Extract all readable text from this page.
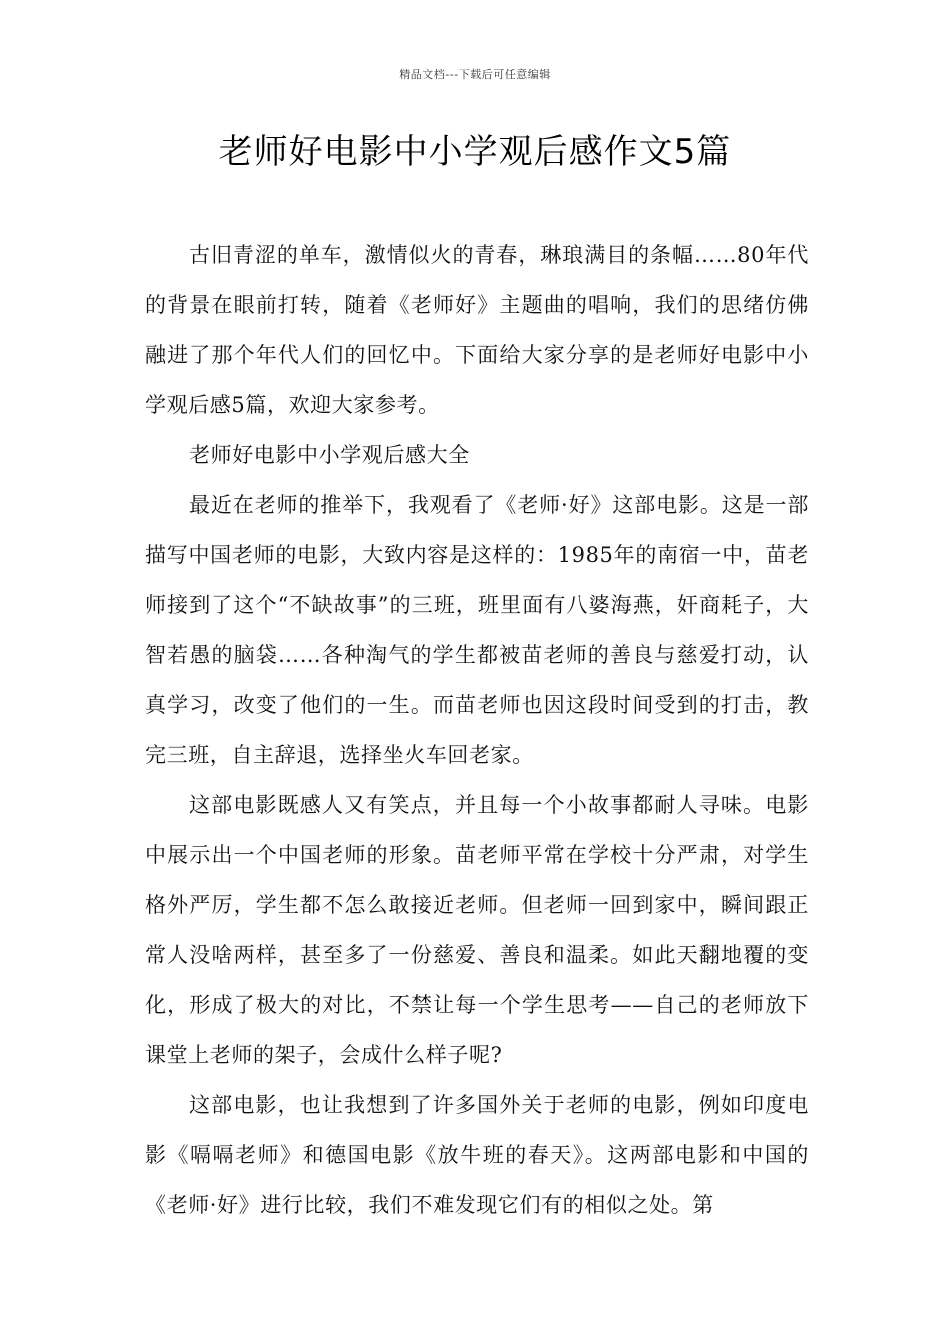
精品文档---下载后可任意编辑
老师好电影中小学观后感作文5篇

古旧青涩的单车，激情似火的青春，琳琅满目的条幅……80年代的背景在眼前打转，随着《老师好》主题曲的唱响，我们的思绪仿佛融进了那个年代人们的回忆中。下面给大家分享的是老师好电影中小学观后感5篇，欢迎大家参考。

老师好电影中小学观后感大全

最近在老师的推举下，我观看了《老师·好》这部电影。这是一部描写中国老师的电影，大致内容是这样的：1985年的南宿一中，苗老师接到了这个“不缺故事”的三班，班里面有八婆海燕，奸商耗子，大智若愚的脑袋……各种淘气的学生都被苗老师的善良与慈爱打动，认真学习，改变了他们的一生。而苗老师也因这段时间受到的打击，教完三班，自主辞退，选择坐火车回老家。

这部电影既感人又有笑点，并且每一个小故事都耐人寻味。电影中展示出一个中国老师的形象。苗老师平常在学校十分严肃，对学生格外严厉，学生都不怎么敢接近老师。但老师一回到家中，瞬间跟正常人没啥两样，甚至多了一份慈爱、善良和温柔。如此天翻地覆的变化，形成了极大的对比，不禁让每一个学生思考——自己的老师放下课堂上老师的架子，会成什么样子呢?

这部电影，也让我想到了许多国外关于老师的电影，例如印度电影《嗝嗝老师》和德国电影《放牛班的春天》。这两部电影和中国的《老师·好》进行比较，我们不难发现它们有的相似之处。第
